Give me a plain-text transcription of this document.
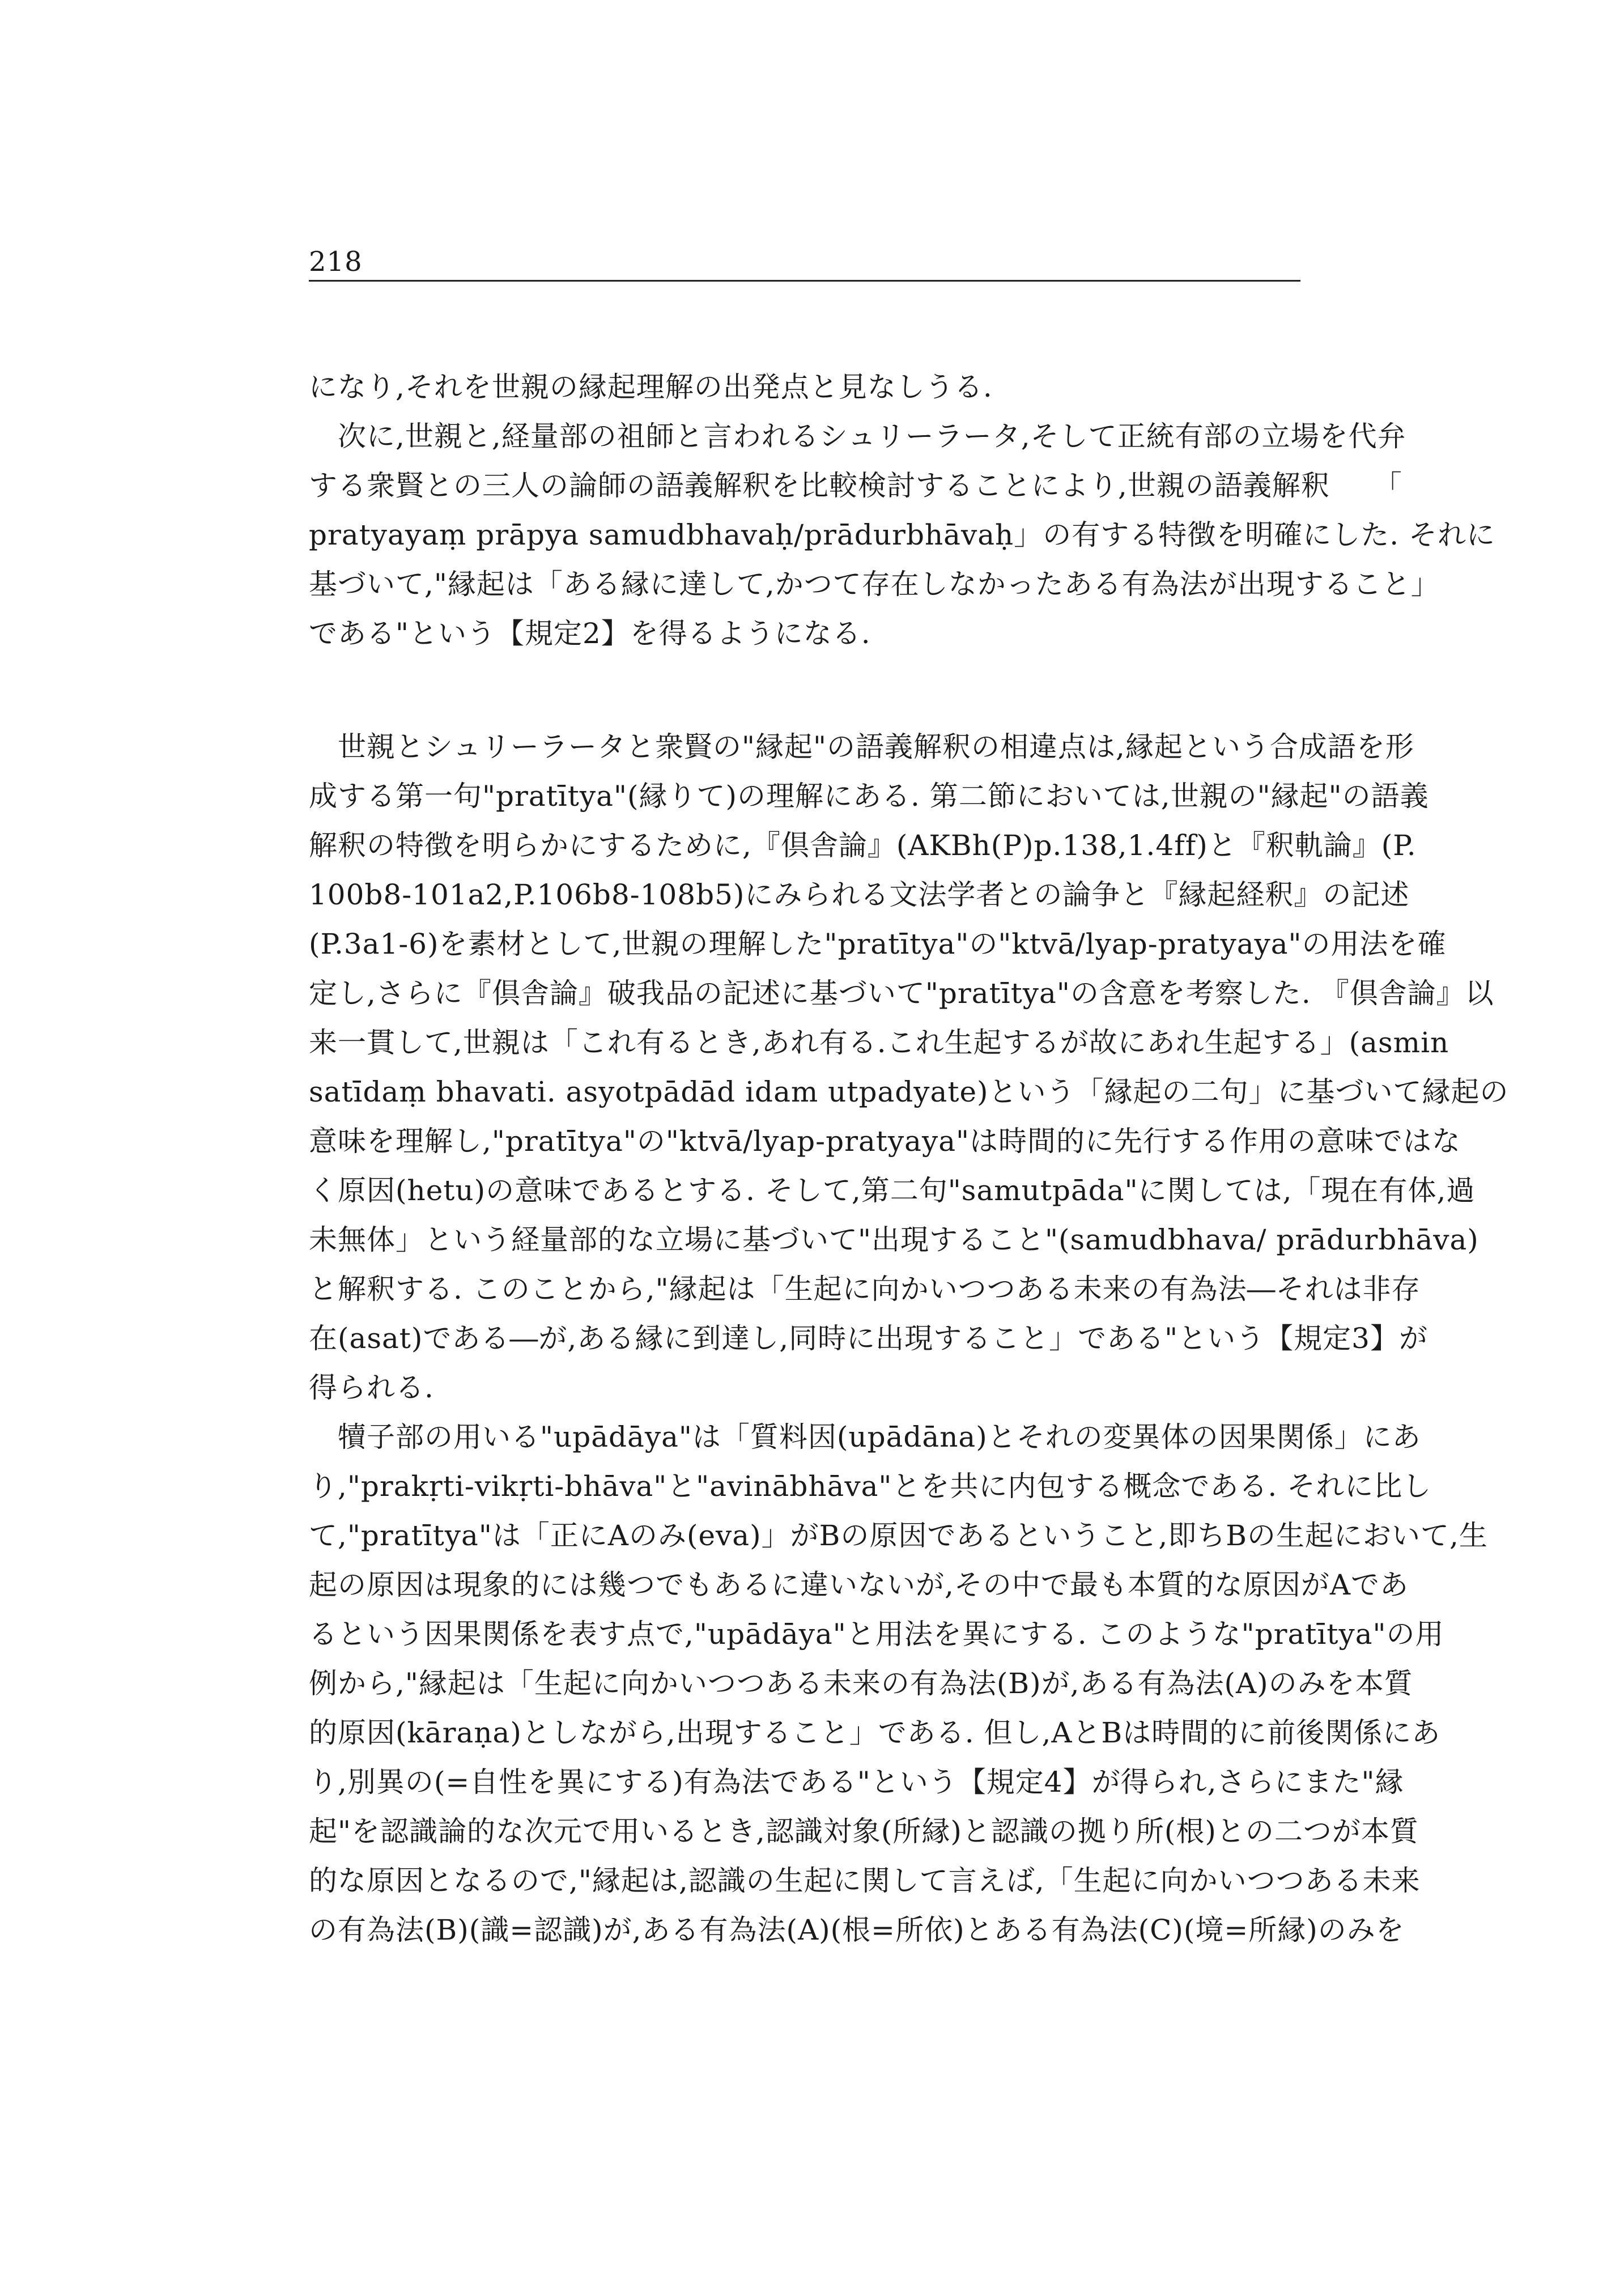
218
になり,それを世親の縁起理解の出発点と見なしうる.
　次に,世親と,経量部の祖師と言われるシュリーラータ,そして正統有部の立場を代弁
する衆賢との三人の論師の語義解釈を比較検討することにより,世親の語義解釈　　「
pratyayaṃ prāpya samudbhavaḥ/prādurbhāvaḥ」の有する特徴を明確にした. それに
基づいて,"縁起は「ある縁に達して,かつて存在しなかったある有為法が出現すること」
である"という【規定2】を得るようになる.
　世親とシュリーラータと衆賢の"縁起"の語義解釈の相違点は,縁起という合成語を形
成する第一句"pratītya"(縁りて)の理解にある. 第二節においては,世親の"縁起"の語義
解釈の特徴を明らかにするために,『倶舎論』(AKBh(P)p.138,1.4ff)と『釈軌論』(P.
100b8-101a2,P.106b8-108b5)にみられる文法学者との論争と『縁起経釈』の記述
(P.3a1-6)を素材として,世親の理解した"pratītya"の"ktvā/lyap-pratyaya"の用法を確
定し,さらに『倶舎論』破我品の記述に基づいて"pratītya"の含意を考察した. 『倶舎論』以
来一貫して,世親は「これ有るとき,あれ有る.これ生起するが故にあれ生起する」(asmin
satīdaṃ bhavati. asyotpādād idam utpadyate)という「縁起の二句」に基づいて縁起の
意味を理解し,"pratītya"の"ktvā/lyap-pratyaya"は時間的に先行する作用の意味ではな
く原因(hetu)の意味であるとする. そして,第二句"samutpāda"に関しては,「現在有体,過
未無体」という経量部的な立場に基づいて"出現すること"(samudbhava/ prādurbhāva)
と解釈する. このことから,"縁起は「生起に向かいつつある未来の有為法―それは非存
在(asat)である―が,ある縁に到達し,同時に出現すること」である"という【規定3】が
得られる.
　犢子部の用いる"upādāya"は「質料因(upādāna)とそれの変異体の因果関係」にあ
り,"prakṛti-vikṛti-bhāva"と"avinābhāva"とを共に内包する概念である. それに比し
て,"pratītya"は「正にAのみ(eva)」がBの原因であるということ,即ちBの生起において,生
起の原因は現象的には幾つでもあるに違いないが,その中で最も本質的な原因がAであ
るという因果関係を表す点で,"upādāya"と用法を異にする. このような"pratītya"の用
例から,"縁起は「生起に向かいつつある未来の有為法(B)が,ある有為法(A)のみを本質
的原因(kāraṇa)としながら,出現すること」である. 但し,AとBは時間的に前後関係にあ
り,別異の(=自性を異にする)有為法である"という【規定4】が得られ,さらにまた"縁
起"を認識論的な次元で用いるとき,認識対象(所縁)と認識の拠り所(根)との二つが本質
的な原因となるので,"縁起は,認識の生起に関して言えば,「生起に向かいつつある未来
の有為法(B)(識=認識)が,ある有為法(A)(根=所依)とある有為法(C)(境=所縁)のみを
